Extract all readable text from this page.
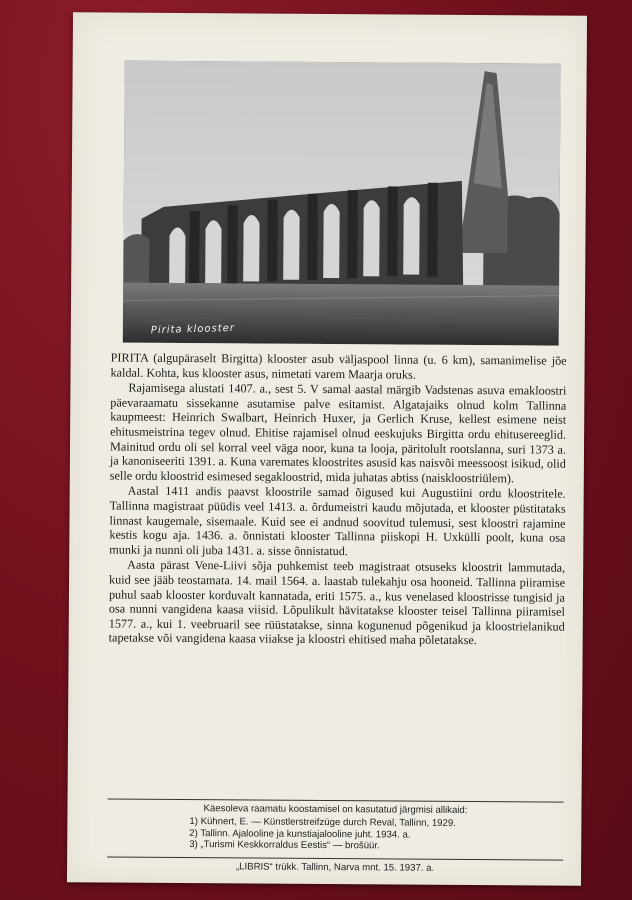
Pirita klooster

PIRITA (algupäraselt Birgitta) klooster asub väljaspool linna (u. 6 km), samanimelise jõe kaldal. Kohta, kus klooster asus, nimetati varem Maarja oruks.

Rajamisega alustati 1407. a., sest 5. V samal aastal märgib Vadstenas asuva emakloostri päevaraamatu sissekanne asutamise palve esitamist. Algatajaiks olnud kolm Tallinna kaupmeest: Heinrich Swalbart, Heinrich Huxer, ja Gerlich Kruse, kellest esimene neist ehitusmeistrina tegev olnud. Ehitise rajamisel olnud eeskujuks Birgitta ordu ehitusereeglid. Mainitud ordu oli sel korral veel väga noor, kuna ta looja, päritolult rootslanna, suri 1373 a. ja kanoniseeriti 1391. a. Kuna varemates kloostrites asusid kas naisvõi meessoost isikud, olid selle ordu kloostrid esimesed segakloostrid, mida juhatas abtiss (naiskloostriülem).

Aastal 1411 andis paavst kloostrile samad õigused kui Augustiini ordu kloostritele. Tallinna magistraat püüdis veel 1413. a. õrdumeistri kaudu mõjutada, et klooster püstitataks linnast kaugemale, sisemaale. Kuid see ei andnud soovitud tulemusi, sest kloostri rajamine kestis kogu aja. 1436. a. õnnistati klooster Tallinna piiskopi H. Uxkülli poolt, kuna osa munki ja nunni oli juba 1431. a. sisse õnnistatud.

Aasta pärast Vene-Liivi sõja puhkemist teeb magistraat otsuseks kloostrit lammutada, kuid see jääb teostamata. 14. mail 1564. a. laastab tulekahju osa hooneid. Tallinna piiramise puhul saab klooster korduvalt kannatada, eriti 1575. a., kus venelased kloostrisse tungisid ja osa nunni vangidena kaasa viisid. Lõpulikult hävitatakse klooster teisel Tallinna piiramisel 1577. a., kui 1. veebruaril see rüüstatakse, sinna kogunenud põgenikud ja kloostrielanikud tapetakse või vangidena kaasa viiakse ja kloostri ehitised maha põletatakse.

Käesoleva raamatu koostamisel on kasutatud järgmisi allikaid:
1) Kühnert, E. — Künstlerstreifzüge durch Reval, Tallinn, 1929.
2) Tallinn. Ajalooline ja kunstiajalooline juht. 1934. a.
3) „Turismi Keskkorraldus Eestis“ — brošüür.
„LIBRIS“ trükk. Tallinn, Narva mnt. 15. 1937. a.
